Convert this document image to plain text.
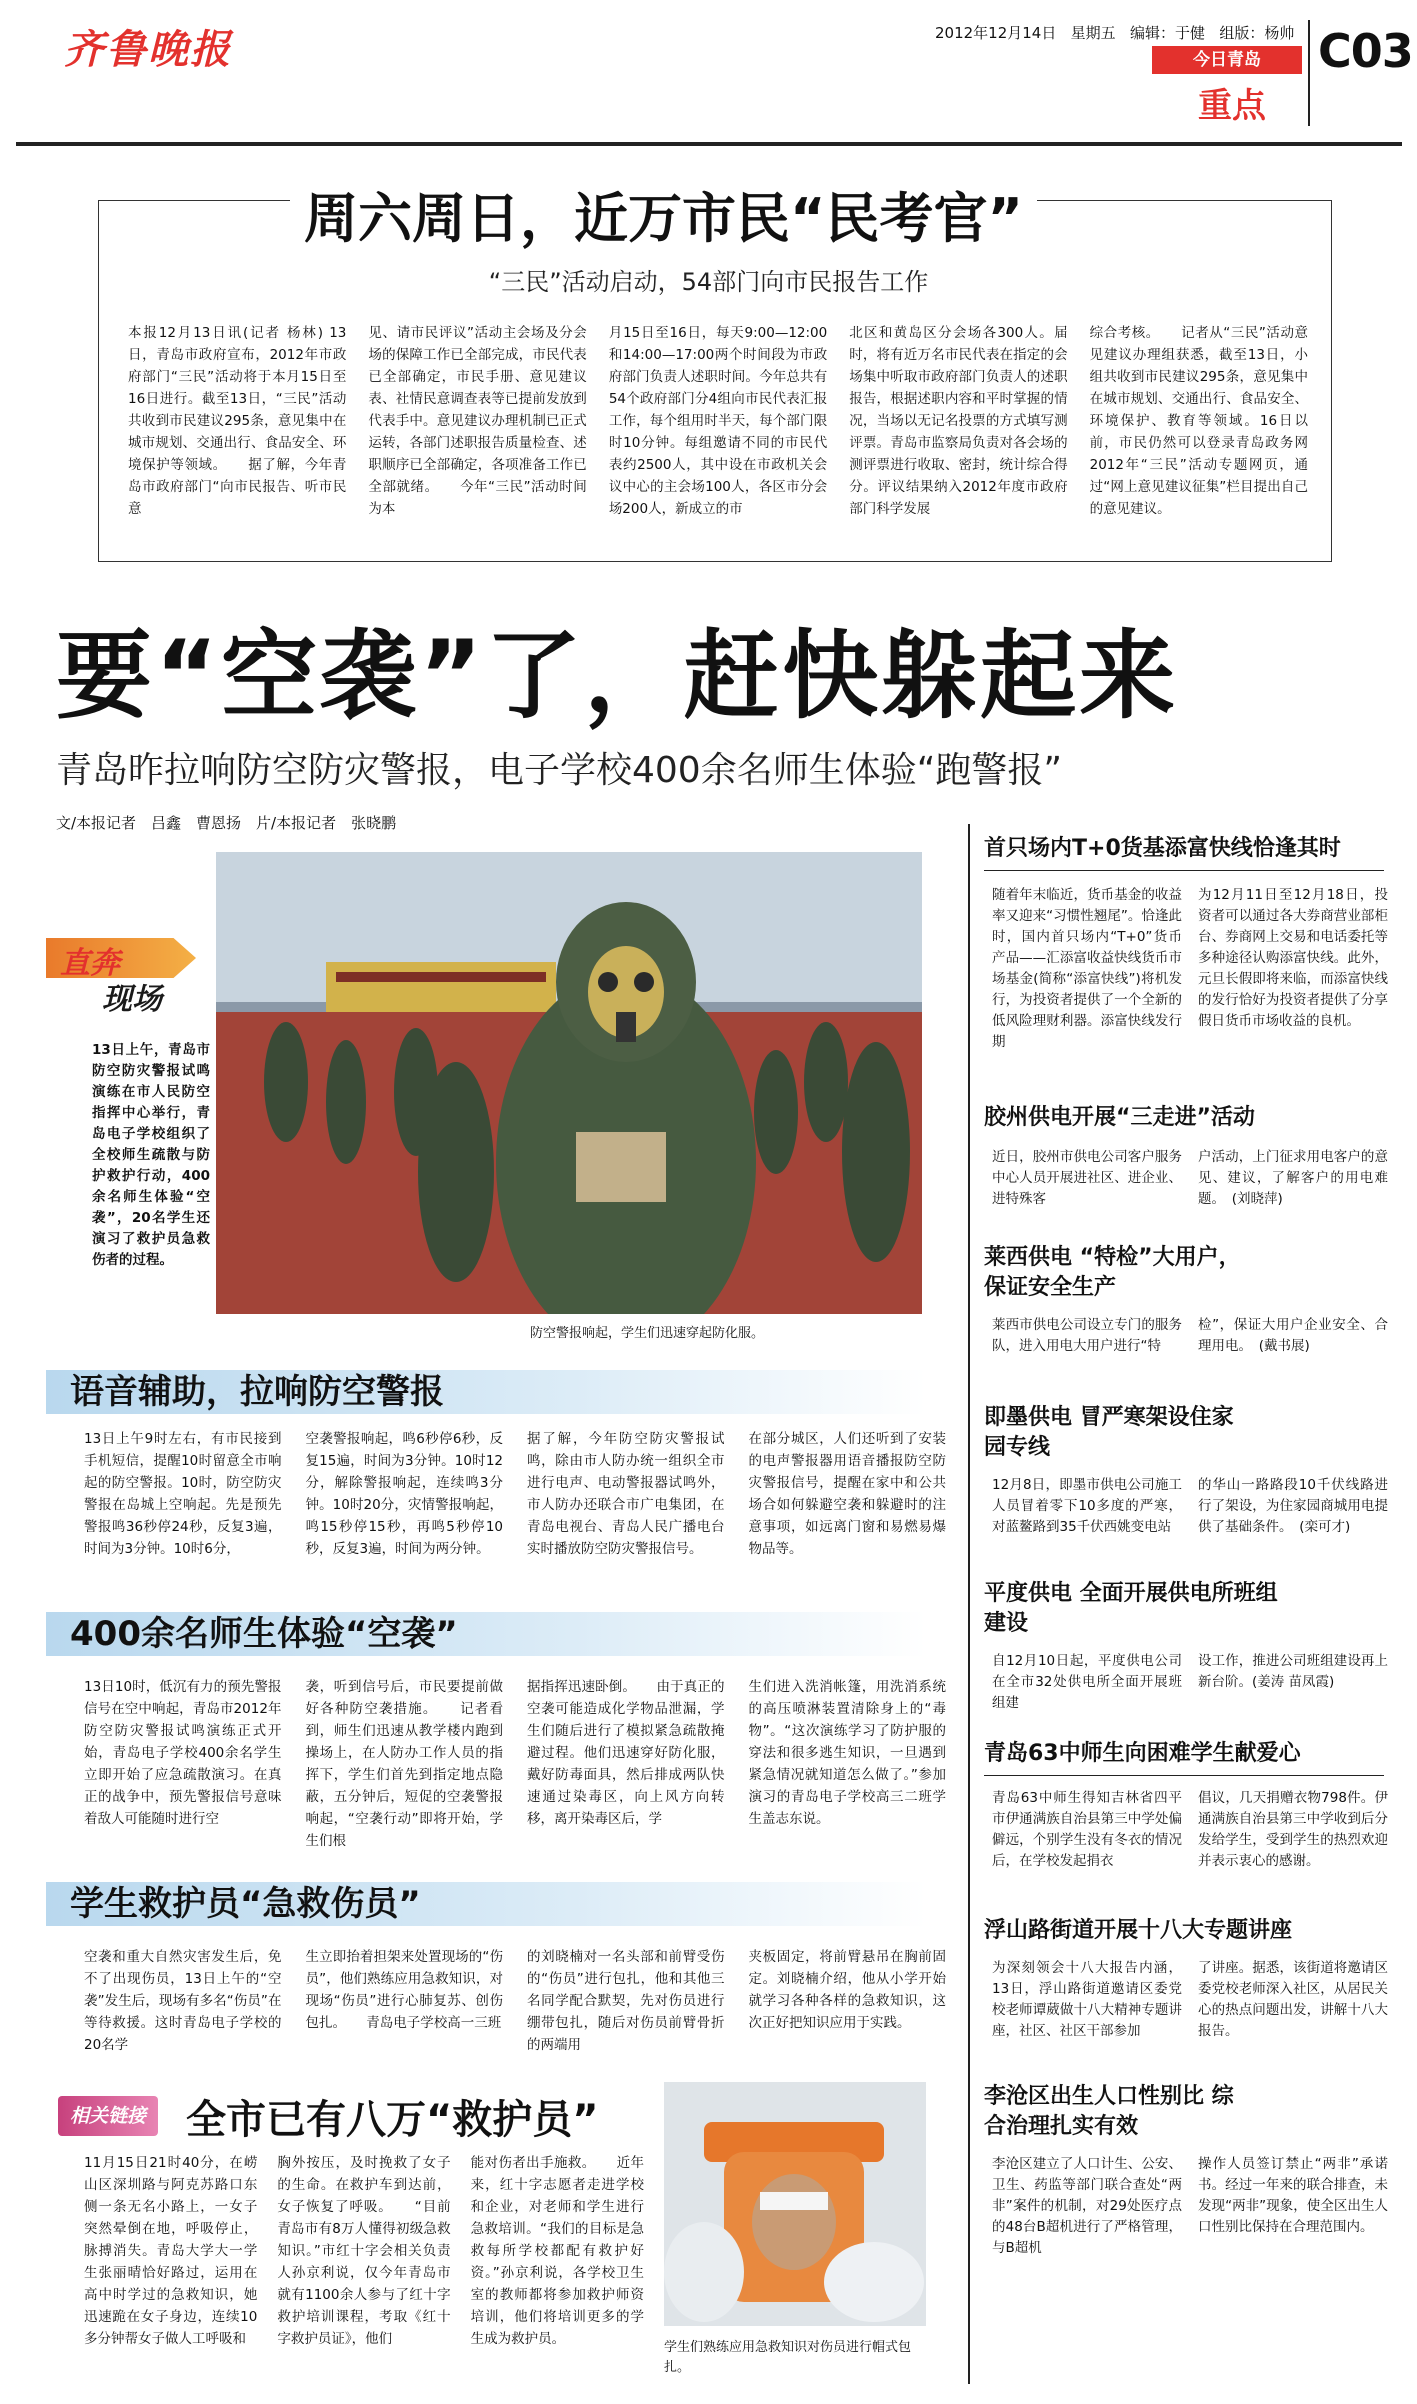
齐鲁晚报	2012年12月14日 星期五 编辑：于健 组版：杨帅
今日青岛
重点
C03
周六周日，近万市民“民考官”
“三民”活动启动，54部门向市民报告工作

本报12月13日讯(记者 杨林) 13日，青岛市政府宣布，2012年市政府部门“三民”活动将于本月15日至16日进行。截至13日，“三民”活动共收到市民建议295条，意见集中在城市规划、交通出行、食品安全、环境保护等领域。　　据了解，今年青岛市政府部门“向市民报告、听市民意

见、请市民评议”活动主会场及分会场的保障工作已全部完成，市民代表已全部确定，市民手册、意见建议表、社情民意调查表等已提前发放到代表手中。意见建议办理机制已正式运转，各部门述职报告质量检查、述职顺序已全部确定，各项准备工作已全部就绪。　　今年“三民”活动时间为本

月15日至16日，每天9:00—12:00和14:00—17:00两个时间段为市政府部门负责人述职时间。今年总共有54个政府部门分4组向市民代表汇报工作，每个组用时半天，每个部门限时10分钟。每组邀请不同的市民代表约2500人，其中设在市政机关会议中心的主会场100人，各区市分会场200人，新成立的市

北区和黄岛区分会场各300人。届时，将有近万名市民代表在指定的会场集中听取市政府部门负责人的述职报告，根据述职内容和平时掌握的情况，当场以无记名投票的方式填写测评票。青岛市监察局负责对各会场的测评票进行收取、密封，统计综合得分。评议结果纳入2012年度市政府部门科学发展

综合考核。　　记者从“三民”活动意见建议办理组获悉，截至13日，小组共收到市民建议295条，意见集中在城市规划、交通出行、食品安全、环境保护、教育等领域。16日以前，市民仍然可以登录青岛政务网2012年“三民”活动专题网页，通过“网上意见建议征集”栏目提出自己的意见建议。

要“空袭”了，赶快躲起来
青岛昨拉响防空防灾警报，电子学校400余名师生体验“跑警报”
文/本报记者　吕鑫　曹恩扬　片/本报记者　张晓鹏
直奔
现场
13日上午，青岛市防空防灾警报试鸣演练在市人民防空指挥中心举行，青岛电子学校组织了全校师生疏散与防护救护行动，400余名师生体验“空袭”，20名学生还演习了救护员急救伤者的过程。
防空警报响起，学生们迅速穿起防化服。
语音辅助，拉响防空警报

13日上午9时左右，有市民接到手机短信，提醒10时留意全市响起的防空警报。10时，防空防灾警报在岛城上空响起。先是预先警报鸣36秒停24秒，反复3遍，时间为3分钟。10时6分，

空袭警报响起，鸣6秒停6秒，反复15遍，时间为3分钟。10时12分，解除警报响起，连续鸣3分钟。10时20分，灾情警报响起，鸣15秒停15秒，再鸣5秒停10秒，反复3遍，时间为两分钟。

据了解，今年防空防灾警报试鸣，除由市人防办统一组织全市进行电声、电动警报器试鸣外，市人防办还联合市广电集团，在青岛电视台、青岛人民广播电台实时播放防空防灾警报信号。

在部分城区，人们还听到了安装的电声警报器用语音播报防空防灾警报信号，提醒在家中和公共场合如何躲避空袭和躲避时的注意事项，如远离门窗和易燃易爆物品等。

400余名师生体验“空袭”

13日10时，低沉有力的预先警报信号在空中响起，青岛市2012年防空防灾警报试鸣演练正式开始，青岛电子学校400余名学生立即开始了应急疏散演习。在真正的战争中，预先警报信号意味着敌人可能随时进行空

袭，听到信号后，市民要提前做好各种防空袭措施。　　记者看到，师生们迅速从教学楼内跑到操场上，在人防办工作人员的指挥下，学生们首先到指定地点隐蔽，五分钟后，短促的空袭警报响起，“空袭行动”即将开始，学生们根

据指挥迅速卧倒。　　由于真正的空袭可能造成化学物品泄漏，学生们随后进行了模拟紧急疏散掩避过程。他们迅速穿好防化服，戴好防毒面具，然后排成两队快速通过染毒区，向上风方向转移，离开染毒区后，学

生们进入洗消帐篷，用洗消系统的高压喷淋装置清除身上的“毒物”。“这次演练学习了防护服的穿法和很多逃生知识，一旦遇到紧急情况就知道怎么做了。”参加演习的青岛电子学校高三二班学生盖志东说。

学生救护员“急救伤员”

空袭和重大自然灾害发生后，免不了出现伤员，13日上午的“空袭”发生后，现场有多名“伤员”在等待救援。这时青岛电子学校的20名学

生立即抬着担架来处置现场的“伤员”，他们熟练应用急救知识，对现场“伤员”进行心肺复苏、创伤包扎。　　青岛电子学校高一三班

的刘晓楠对一名头部和前臂受伤的“伤员”进行包扎，他和其他三名同学配合默契，先对伤员进行绷带包扎，随后对伤员前臂骨折的两端用

夹板固定，将前臂悬吊在胸前固定。刘晓楠介绍，他从小学开始就学习各种各样的急救知识，这次正好把知识应用于实践。

相关链接	全市已有八万“救护员”

11月15日21时40分，在崂山区深圳路与阿克苏路口东侧一条无名小路上，一女子突然晕倒在地，呼吸停止，脉搏消失。青岛大学大一学生张丽晴恰好路过，运用在高中时学过的急救知识，她迅速跪在女子身边，连续10多分钟帮女子做人工呼吸和

胸外按压，及时挽救了女子的生命。在救护车到达前，女子恢复了呼吸。　　“目前青岛市有8万人懂得初级急救知识。”市红十字会相关负责人孙京利说，仅今年青岛市就有1100余人参与了红十字救护培训课程，考取《红十字救护员证》，他们

能对伤者出手施救。　　近年来，红十字志愿者走进学校和企业，对老师和学生进行急救培训。“我们的目标是急救每所学校都配有救护好资。”孙京利说，各学校卫生室的教师都将参加救护师资培训，他们将培训更多的学生成为救护员。

学生们熟练应用急救知识对伤员进行帽式包扎。
首只场内T+0货基添富快线恰逢其时

随着年末临近，货币基金的收益率又迎来“习惯性翘尾”。恰逢此时，国内首只场内“T+0”货币产品——汇添富收益快线货币市场基金(简称“添富快线”)将机发行，为投资者提供了一个全新的低风险理财利器。添富快线发行期

为12月11日至12月18日，投资者可以通过各大券商营业部柜台、券商网上交易和电话委托等多种途径认购添富快线。此外，元旦长假即将来临，而添富快线的发行恰好为投资者提供了分享假日货币市场收益的良机。

胶州供电开展“三走进”活动

近日，胶州市供电公司客户服务中心人员开展进社区、进企业、进特殊客

户活动，上门征求用电客户的意见、建议，了解客户的用电难题。　(刘晓萍)

莱西供电 “特检”大用户，保证安全生产

莱西市供电公司设立专门的服务队，进入用电大用户进行“特

检”，保证大用户企业安全、合理用电。　(戴书展)

即墨供电 冒严寒架设住家园专线

12月8日，即墨市供电公司施工人员冒着零下10多度的严寒，对蓝鳌路到35千伏西姚变电站

的华山一路路段10千伏线路进行了架设，为住家园商城用电提供了基础条件。　(栾可才)

平度供电 全面开展供电所班组建设

自12月10日起，平度供电公司在全市32处供电所全面开展班组建

设工作，推进公司班组建设再上新台阶。(姜涛 苗凤霞)

青岛63中师生向困难学生献爱心

青岛63中师生得知吉林省四平市伊通满族自治县第三中学处偏僻远，个别学生没有冬衣的情况后，在学校发起捐衣

倡议，几天捐赠衣物798件。伊通满族自治县第三中学收到后分发给学生，受到学生的热烈欢迎并表示衷心的感谢。

浮山路街道开展十八大专题讲座

为深刻领会十八大报告内涵，13日，浮山路街道邀请区委党校老师谭葳做十八大精神专题讲座，社区、社区干部参加

了讲座。据悉，该街道将邀请区委党校老师深入社区，从居民关心的热点问题出发，讲解十八大报告。

李沧区出生人口性别比 综合治理扎实有效

李沧区建立了人口计生、公安、卫生、药监等部门联合查处“两非”案件的机制，对29处医疗点的48台B超机进行了严格管理，与B超机

操作人员签订禁止“两非”承诺书。经过一年来的联合排查，未发现“两非”现象，使全区出生人口性别比保持在合理范围内。
